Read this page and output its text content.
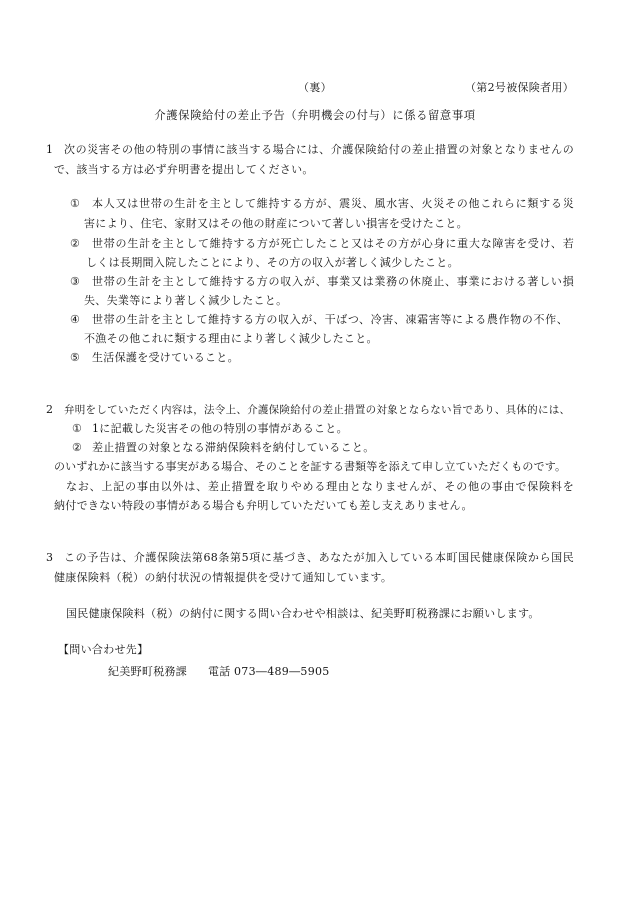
（裏）	（第2号被保険者用）
介護保険給付の差止予告（弁明機会の付与）に係る留意事項
1 次の災害その他の特別の事情に該当する場合には、介護保険給付の差止措置の対象となりませんの
で、該当する方は必ず弁明書を提出してください。
① 本人又は世帯の生計を主として維持する方が、震災、風水害、火災その他これらに類する災
害により、住宅、家財又はその他の財産について著しい損害を受けたこと。
② 世帯の生計を主として維持する方が死亡したこと又はその方が心身に重大な障害を受け、若
しくは長期間入院したことにより、その方の収入が著しく減少したこと。
③ 世帯の生計を主として維持する方の収入が、事業又は業務の休廃止、事業における著しい損
失、失業等により著しく減少したこと。
④ 世帯の生計を主として維持する方の収入が、干ばつ、冷害、凍霜害等による農作物の不作、
不漁その他これに類する理由により著しく減少したこと。
⑤ 生活保護を受けていること。
2 弁明をしていただく内容は，法令上、介護保険給付の差止措置の対象とならない旨であり、具体的には、
① 1に記載した災害その他の特別の事情があること。
② 差止措置の対象となる滞納保険料を納付していること。
のいずれかに該当する事実がある場合、そのことを証する書類等を添えて申し立ていただくものです。
なお、上記の事由以外は、差止措置を取りやめる理由となりませんが、その他の事由で保険料を
納付できない特段の事情がある場合も弁明していただいても差し支えありません。
3 この予告は、介護保険法第68条第5項に基づき、あなたが加入している本町国民健康保険から国民
健康保険料（税）の納付状況の情報提供を受けて通知しています。
国民健康保険料（税）の納付に関する問い合わせや相談は、紀美野町税務課にお願いします。
【問い合わせ先】
紀美野町税務課 電話 073―489―5905
